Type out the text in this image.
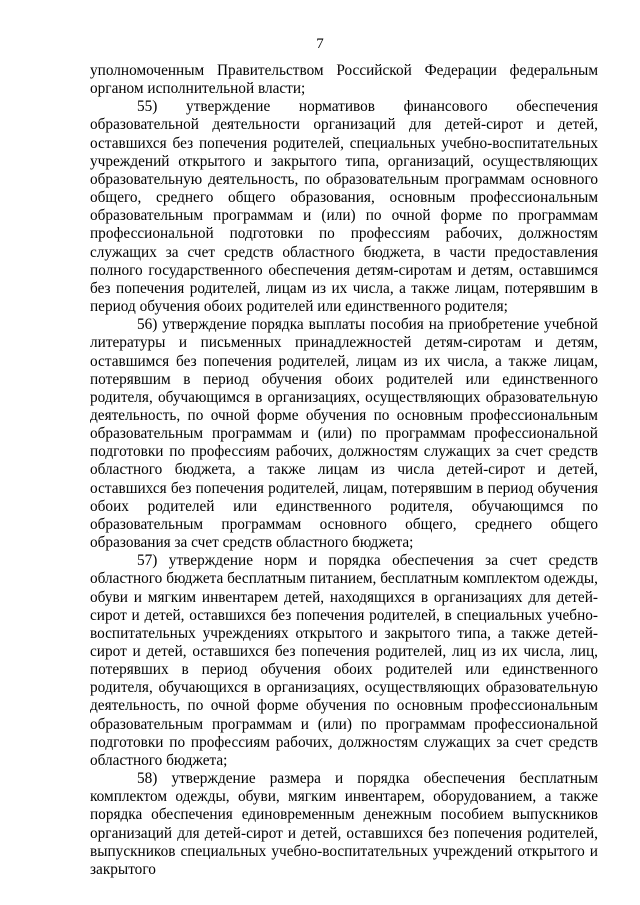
7

уполномоченным Правительством Российской Федерации федеральным органом исполнительной власти;

55) утверждение нормативов финансового обеспечения образовательной деятельности организаций для детей-сирот и детей, оставшихся без попечения родителей, специальных учебно-воспитательных учреждений открытого и закрытого типа, организаций, осуществляющих образовательную деятельность, по образовательным программам основного общего, среднего общего образования, основным профессиональным образовательным программам и (или) по очной форме по программам профессиональной подготовки по профессиям рабочих, должностям служащих за счет средств областного бюджета, в части предоставления полного государственного обеспечения детям-сиротам и детям, оставшимся без попечения родителей, лицам из их числа, а также лицам, потерявшим в период обучения обоих родителей или единственного родителя;

56) утверждение порядка выплаты пособия на приобретение учебной литературы и письменных принадлежностей детям-сиротам и детям, оставшимся без попечения родителей, лицам из их числа, а также лицам, потерявшим в период обучения обоих родителей или единственного родителя, обучающимся в организациях, осуществляющих образовательную деятельность, по очной форме обучения по основным профессиональным образовательным программам и (или) по программам профессиональной подготовки по профессиям рабочих, должностям служащих за счет средств областного бюджета, а также лицам из числа детей-сирот и детей, оставшихся без попечения родителей, лицам, потерявшим в период обучения обоих родителей или единственного родителя, обучающимся по образовательным программам основного общего, среднего общего образования за счет средств областного бюджета;

57) утверждение норм и порядка обеспечения за счет средств областного бюджета бесплатным питанием, бесплатным комплектом одежды, обуви и мягким инвентарем детей, находящихся в организациях для детей-сирот и детей, оставшихся без попечения родителей, в специальных учебно-воспитательных учреждениях открытого и закрытого типа, а также детей-сирот и детей, оставшихся без попечения родителей, лиц из их числа, лиц, потерявших в период обучения обоих родителей или единственного родителя, обучающихся в организациях, осуществляющих образовательную деятельность, по очной форме обучения по основным профессиональным образовательным программам и (или) по программам профессиональной подготовки по профессиям рабочих, должностям служащих за счет средств областного бюджета;

58) утверждение размера и порядка обеспечения бесплатным комплектом одежды, обуви, мягким инвентарем, оборудованием, а также порядка обеспечения единовременным денежным пособием выпускников организаций для детей-сирот и детей, оставшихся без попечения родителей, выпускников специальных учебно-воспитательных учреждений открытого и закрытого
